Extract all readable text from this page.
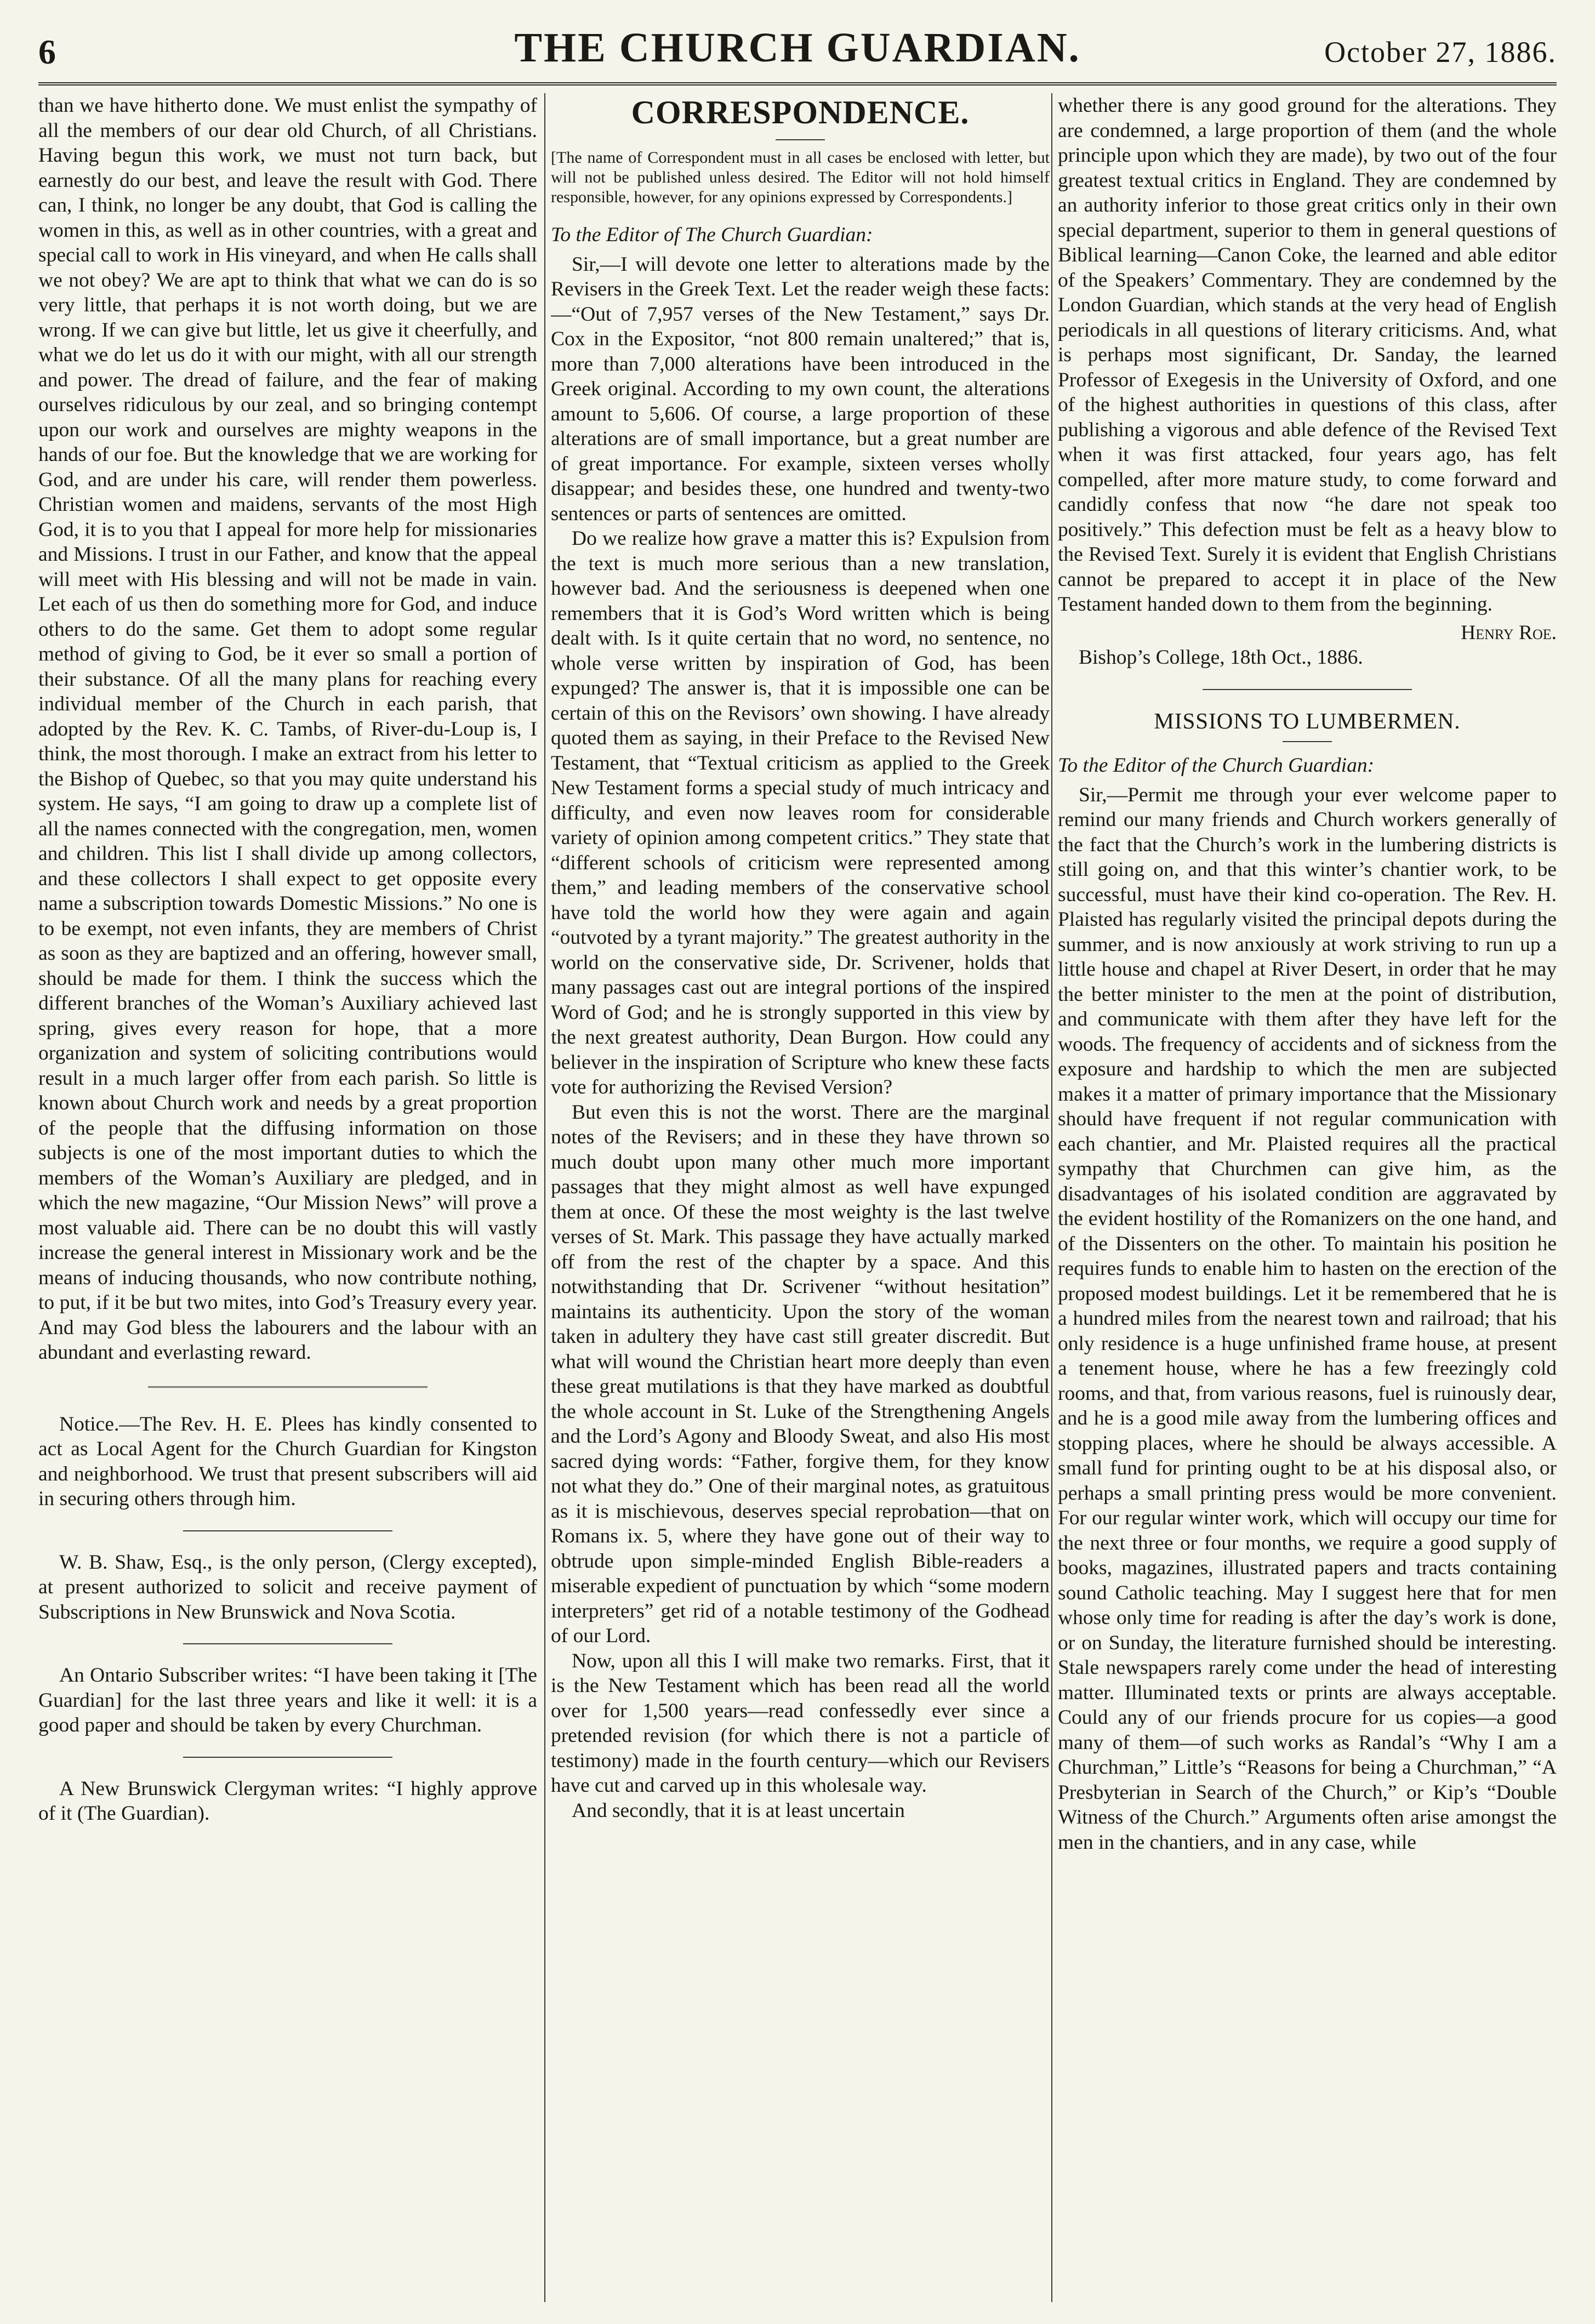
6	THE CHURCH GUARDIAN.	October 27, 1886.

than we have hitherto done. We must enlist the sympathy of all the members of our dear old Church, of all Christians. Having begun this work, we must not turn back, but earnestly do our best, and leave the result with God. There can, I think, no longer be any doubt, that God is calling the women in this, as well as in other countries, with a great and special call to work in His vineyard, and when He calls shall we not obey? We are apt to think that what we can do is so very little, that perhaps it is not worth doing, but we are wrong. If we can give but little, let us give it cheerfully, and what we do let us do it with our might, with all our strength and power. The dread of failure, and the fear of making ourselves ridiculous by our zeal, and so bringing contempt upon our work and ourselves are mighty weapons in the hands of our foe. But the knowledge that we are working for God, and are under his care, will render them powerless. Christian women and maidens, servants of the most High God, it is to you that I appeal for more help for missionaries and Missions. I trust in our Father, and know that the appeal will meet with His blessing and will not be made in vain. Let each of us then do something more for God, and induce others to do the same. Get them to adopt some regular method of giving to God, be it ever so small a portion of their substance. Of all the many plans for reaching every individual member of the Church in each parish, that adopted by the Rev. K. C. Tambs, of River-du-Loup is, I think, the most thorough. I make an extract from his letter to the Bishop of Quebec, so that you may quite understand his system. He says, “I am going to draw up a complete list of all the names connected with the congregation, men, women and children. This list I shall divide up among collectors, and these collectors I shall expect to get opposite every name a subscription towards Domestic Missions.” No one is to be exempt, not even infants, they are members of Christ as soon as they are baptized and an offering, however small, should be made for them. I think the success which the different branches of the Woman’s Auxiliary achieved last spring, gives every reason for hope, that a more organization and system of soliciting contributions would result in a much larger offer from each parish. So little is known about Church work and needs by a great proportion of the people that the diffusing information on those subjects is one of the most important duties to which the members of the Woman’s Auxiliary are pledged, and in which the new magazine, “Our Mission News” will prove a most valuable aid. There can be no doubt this will vastly increase the general interest in Missionary work and be the means of inducing thousands, who now contribute nothing, to put, if it be but two mites, into God’s Treasury every year. And may God bless the labourers and the labour with an abundant and everlasting reward.

Notice.—The Rev. H. E. Plees has kindly consented to act as Local Agent for the Church Guardian for Kingston and neighborhood. We trust that present subscribers will aid in securing others through him.

W. B. Shaw, Esq., is the only person, (Clergy excepted), at present authorized to solicit and receive payment of Subscriptions in New Brunswick and Nova Scotia.

An Ontario Subscriber writes: “I have been taking it [The Guardian] for the last three years and like it well: it is a good paper and should be taken by every Churchman.

A New Brunswick Clergyman writes: “I highly approve of it (The Guardian).

CORRESPONDENCE.

[The name of Correspondent must in all cases be enclosed with letter, but will not be published unless desired. The Editor will not hold himself responsible, however, for any opinions expressed by Correspondents.]

To the Editor of The Church Guardian:

Sir,—I will devote one letter to alterations made by the Revisers in the Greek Text. Let the reader weigh these facts:—“Out of 7,957 verses of the New Testament,” says Dr. Cox in the Expositor, “not 800 remain unaltered;” that is, more than 7,000 alterations have been introduced in the Greek original. According to my own count, the alterations amount to 5,606. Of course, a large proportion of these alterations are of small importance, but a great number are of great importance. For example, sixteen verses wholly disappear; and besides these, one hundred and twenty-two sentences or parts of sentences are omitted.

Do we realize how grave a matter this is? Expulsion from the text is much more serious than a new translation, however bad. And the seriousness is deepened when one remembers that it is God’s Word written which is being dealt with. Is it quite certain that no word, no sentence, no whole verse written by inspiration of God, has been expunged? The answer is, that it is impossible one can be certain of this on the Revisors’ own showing. I have already quoted them as saying, in their Preface to the Revised New Testament, that “Textual criticism as applied to the Greek New Testament forms a special study of much intricacy and difficulty, and even now leaves room for considerable variety of opinion among competent critics.” They state that “different schools of criticism were represented among them,” and leading members of the conservative school have told the world how they were again and again “outvoted by a tyrant majority.” The greatest authority in the world on the conservative side, Dr. Scrivener, holds that many passages cast out are integral portions of the inspired Word of God; and he is strongly supported in this view by the next greatest authority, Dean Burgon. How could any believer in the inspiration of Scripture who knew these facts vote for authorizing the Revised Version?

But even this is not the worst. There are the marginal notes of the Revisers; and in these they have thrown so much doubt upon many other much more important passages that they might almost as well have expunged them at once. Of these the most weighty is the last twelve verses of St. Mark. This passage they have actually marked off from the rest of the chapter by a space. And this notwithstanding that Dr. Scrivener “without hesitation” maintains its authenticity. Upon the story of the woman taken in adultery they have cast still greater discredit. But what will wound the Christian heart more deeply than even these great mutilations is that they have marked as doubtful the whole account in St. Luke of the Strengthening Angels and the Lord’s Agony and Bloody Sweat, and also His most sacred dying words: “Father, forgive them, for they know not what they do.” One of their marginal notes, as gratuitous as it is mischievous, deserves special reprobation—that on Romans ix. 5, where they have gone out of their way to obtrude upon simple-minded English Bible-readers a miserable expedient of punctuation by which “some modern interpreters” get rid of a notable testimony of the Godhead of our Lord.

Now, upon all this I will make two remarks. First, that it is the New Testament which has been read all the world over for 1,500 years—read confessedly ever since a pretended revision (for which there is not a particle of testimony) made in the fourth century—which our Revisers have cut and carved up in this wholesale way.

And secondly, that it is at least uncertain

whether there is any good ground for the alterations. They are condemned, a large proportion of them (and the whole principle upon which they are made), by two out of the four greatest textual critics in England. They are condemned by an authority inferior to those great critics only in their own special department, superior to them in general questions of Biblical learning—Canon Coke, the learned and able editor of the Speakers’ Commentary. They are condemned by the London Guardian, which stands at the very head of English periodicals in all questions of literary criticisms. And, what is perhaps most significant, Dr. Sanday, the learned Professor of Exegesis in the University of Oxford, and one of the highest authorities in questions of this class, after publishing a vigorous and able defence of the Revised Text when it was first attacked, four years ago, has felt compelled, after more mature study, to come forward and candidly confess that now “he dare not speak too positively.” This defection must be felt as a heavy blow to the Revised Text. Surely it is evident that English Christians cannot be prepared to accept it in place of the New Testament handed down to them from the beginning.

Henry Roe.

Bishop’s College, 18th Oct., 1886.

MISSIONS TO LUMBERMEN.

To the Editor of the Church Guardian:

Sir,—Permit me through your ever welcome paper to remind our many friends and Church workers generally of the fact that the Church’s work in the lumbering districts is still going on, and that this winter’s chantier work, to be successful, must have their kind co-operation. The Rev. H. Plaisted has regularly visited the principal depots during the summer, and is now anxiously at work striving to run up a little house and chapel at River Desert, in order that he may the better minister to the men at the point of distribution, and communicate with them after they have left for the woods. The frequency of accidents and of sickness from the exposure and hardship to which the men are subjected makes it a matter of primary importance that the Missionary should have frequent if not regular communication with each chantier, and Mr. Plaisted requires all the practical sympathy that Churchmen can give him, as the disadvantages of his isolated condition are aggravated by the evident hostility of the Romanizers on the one hand, and of the Dissenters on the other. To maintain his position he requires funds to enable him to hasten on the erection of the proposed modest buildings. Let it be remembered that he is a hundred miles from the nearest town and railroad; that his only residence is a huge unfinished frame house, at present a tenement house, where he has a few freezingly cold rooms, and that, from various reasons, fuel is ruinously dear, and he is a good mile away from the lumbering offices and stopping places, where he should be always accessible. A small fund for printing ought to be at his disposal also, or perhaps a small printing press would be more convenient. For our regular winter work, which will occupy our time for the next three or four months, we require a good supply of books, magazines, illustrated papers and tracts containing sound Catholic teaching. May I suggest here that for men whose only time for reading is after the day’s work is done, or on Sunday, the literature furnished should be interesting. Stale newspapers rarely come under the head of interesting matter. Illuminated texts or prints are always acceptable. Could any of our friends procure for us copies—a good many of them—of such works as Randal’s “Why I am a Churchman,” Little’s “Reasons for being a Churchman,” “A Presbyterian in Search of the Church,” or Kip’s “Double Witness of the Church.” Arguments often arise amongst the men in the chantiers, and in any case, while
